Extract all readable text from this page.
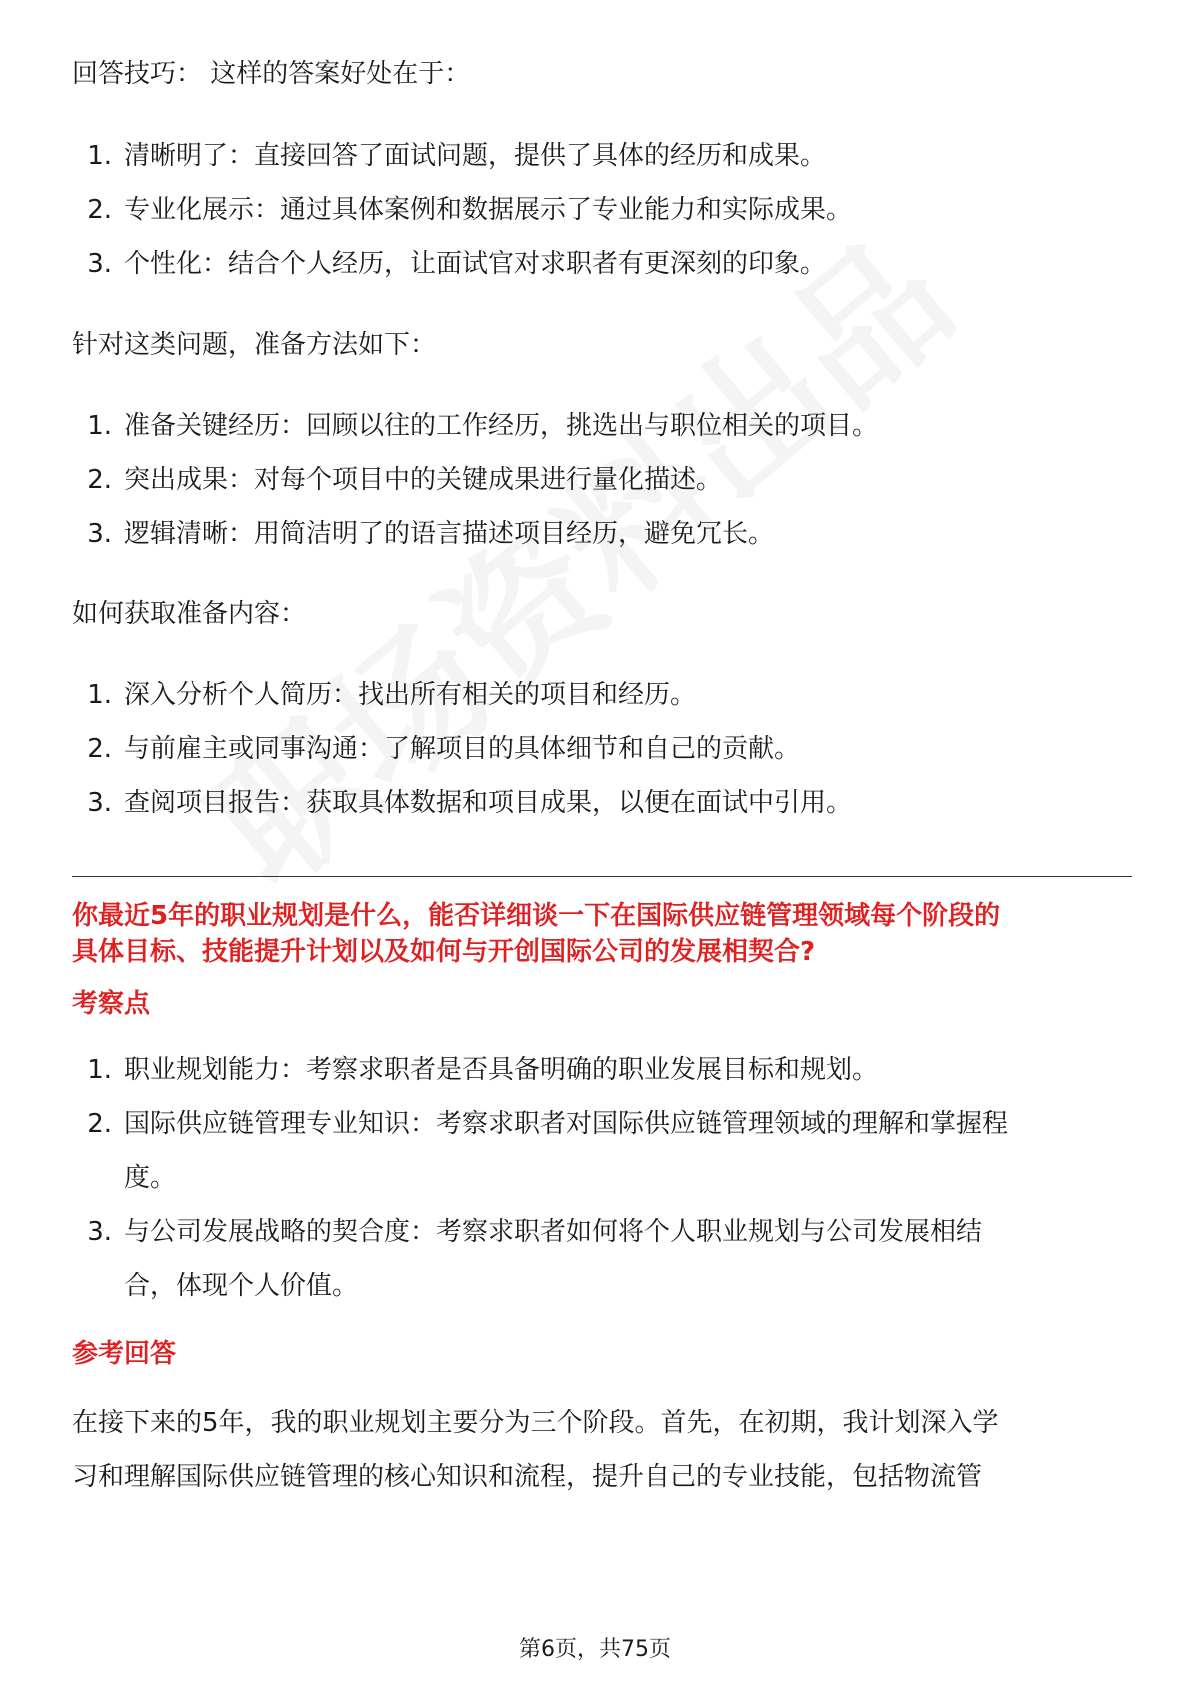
回答技巧： 这样的答案好处在于：
1. 清晰明了：直接回答了面试问题，提供了具体的经历和成果。
2. 专业化展示：通过具体案例和数据展示了专业能力和实际成果。
3. 个性化：结合个人经历，让面试官对求职者有更深刻的印象。
针对这类问题，准备方法如下：
1. 准备关键经历：回顾以往的工作经历，挑选出与职位相关的项目。
2. 突出成果：对每个项目中的关键成果进行量化描述。
3. 逻辑清晰：用简洁明了的语言描述项目经历，避免冗长。
如何获取准备内容：
1. 深入分析个人简历：找出所有相关的项目和经历。
2. 与前雇主或同事沟通：了解项目的具体细节和自己的贡献。
3. 查阅项目报告：获取具体数据和项目成果，以便在面试中引用。
你最近5年的职业规划是什么，能否详细谈一下在国际供应链管理领域每个阶段的
具体目标、技能提升计划以及如何与开创国际公司的发展相契合?
考察点
1. 职业规划能力：考察求职者是否具备明确的职业发展目标和规划。
2. 国际供应链管理专业知识：考察求职者对国际供应链管理领域的理解和掌握程
度。
3. 与公司发展战略的契合度：考察求职者如何将个人职业规划与公司发展相结
合，体现个人价值。
参考回答
在接下来的5年，我的职业规划主要分为三个阶段。首先，在初期，我计划深入学
习和理解国际供应链管理的核心知识和流程，提升自己的专业技能，包括物流管
第6页，共75页
